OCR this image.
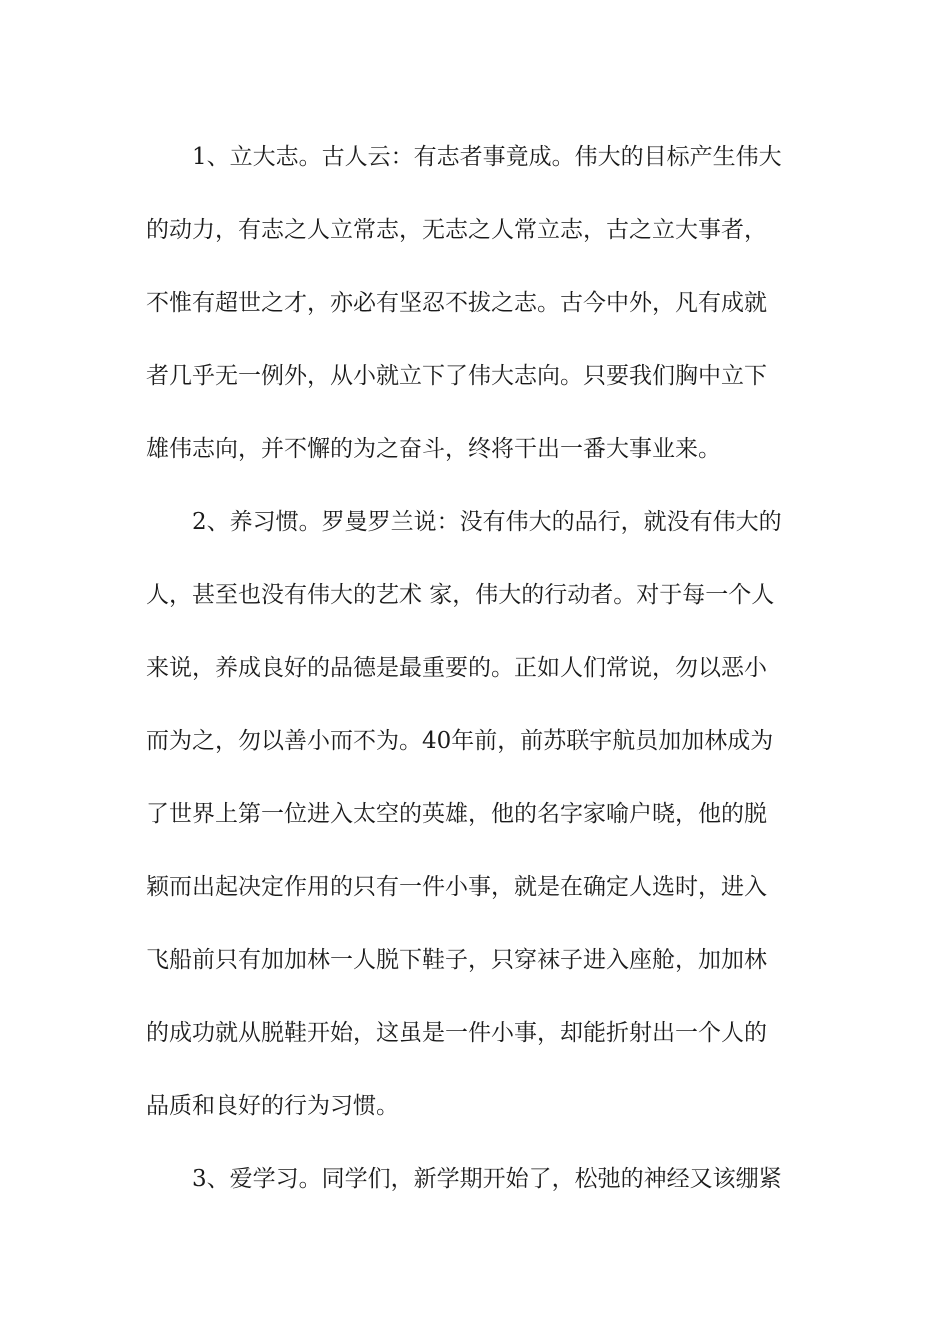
1、立大志。古人云：有志者事竟成。伟大的目标产生伟大
的动力，有志之人立常志，无志之人常立志，古之立大事者，
不惟有超世之才，亦必有坚忍不拔之志。古今中外，凡有成就
者几乎无一例外，从小就立下了伟大志向。只要我们胸中立下
雄伟志向，并不懈的为之奋斗，终将干出一番大事业来。
2、养习惯。罗曼罗兰说：没有伟大的品行，就没有伟大的
人，甚至也没有伟大的艺术 家，伟大的行动者。对于每一个人
来说，养成良好的品德是最重要的。正如人们常说，勿以恶小
而为之，勿以善小而不为。40年前，前苏联宇航员加加林成为
了世界上第一位进入太空的英雄，他的名字家喻户晓，他的脱
颖而出起决定作用的只有一件小事，就是在确定人选时，进入
飞船前只有加加林一人脱下鞋子，只穿袜子进入座舱，加加林
的成功就从脱鞋开始，这虽是一件小事，却能折射出一个人的
品质和良好的行为习惯。
3、爱学习。同学们，新学期开始了，松弛的神经又该绷紧
